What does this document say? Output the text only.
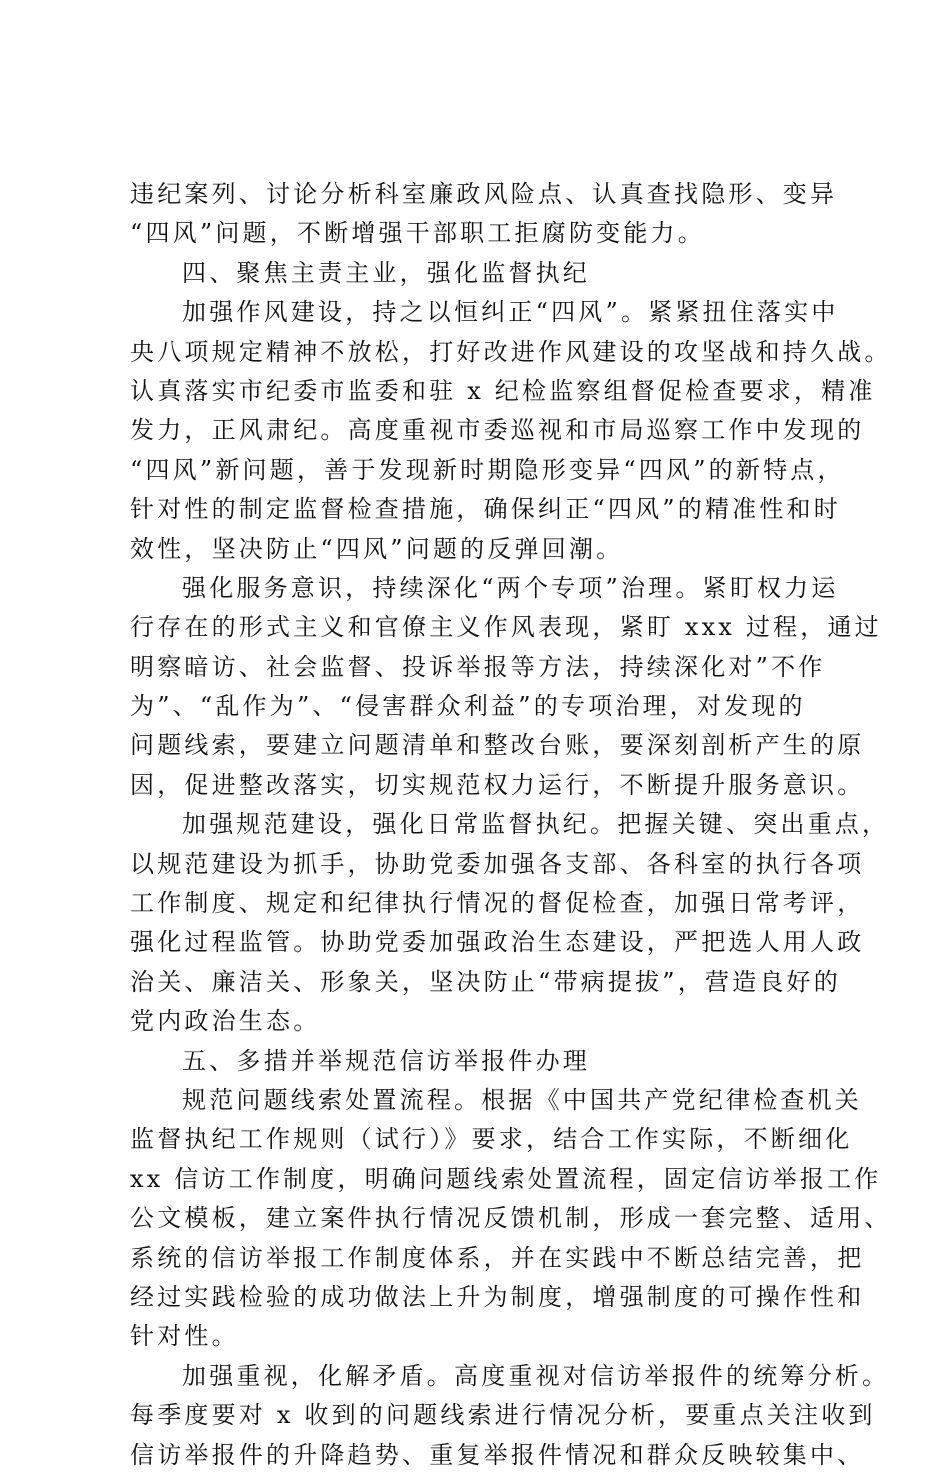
违纪案列、讨论分析科室廉政风险点、认真查找隐形、变异
“四风”问题，不断增强干部职工拒腐防变能力。
四、聚焦主责主业，强化监督执纪
加强作风建设，持之以恒纠正“四风”。紧紧扭住落实中
央八项规定精神不放松，打好改进作风建设的攻坚战和持久战。
认真落实市纪委市监委和驻 x 纪检监察组督促检查要求，精准
发力，正风肃纪。高度重视市委巡视和市局巡察工作中发现的
“四风”新问题，善于发现新时期隐形变异“四风”的新特点，
针对性的制定监督检查措施，确保纠正“四风”的精准性和时
效性，坚决防止“四风”问题的反弹回潮。
强化服务意识，持续深化“两个专项”治理。紧盯权力运
行存在的形式主义和官僚主义作风表现，紧盯 xxx 过程，通过
明察暗访、社会监督、投诉举报等方法，持续深化对”不作
为”、“乱作为”、“侵害群众利益”的专项治理，对发现的
问题线索，要建立问题清单和整改台账，要深刻剖析产生的原
因，促进整改落实，切实规范权力运行，不断提升服务意识。
加强规范建设，强化日常监督执纪。把握关键、突出重点，
以规范建设为抓手，协助党委加强各支部、各科室的执行各项
工作制度、规定和纪律执行情况的督促检查，加强日常考评，
强化过程监管。协助党委加强政治生态建设，严把选人用人政
治关、廉洁关、形象关，坚决防止“带病提拔”，营造良好的
党内政治生态。
五、多措并举规范信访举报件办理
规范问题线索处置流程。根据《中国共产党纪律检查机关
监督执纪工作规则（试行）》要求，结合工作实际，不断细化
xx 信访工作制度，明确问题线索处置流程，固定信访举报工作
公文模板，建立案件执行情况反馈机制，形成一套完整、适用、
系统的信访举报工作制度体系，并在实践中不断总结完善，把
经过实践检验的成功做法上升为制度，增强制度的可操作性和
针对性。
加强重视，化解矛盾。高度重视对信访举报件的统筹分析。
每季度要对 x 收到的问题线索进行情况分析，要重点关注收到
信访举报件的升降趋势、重复举报件情况和群众反映较集中、
